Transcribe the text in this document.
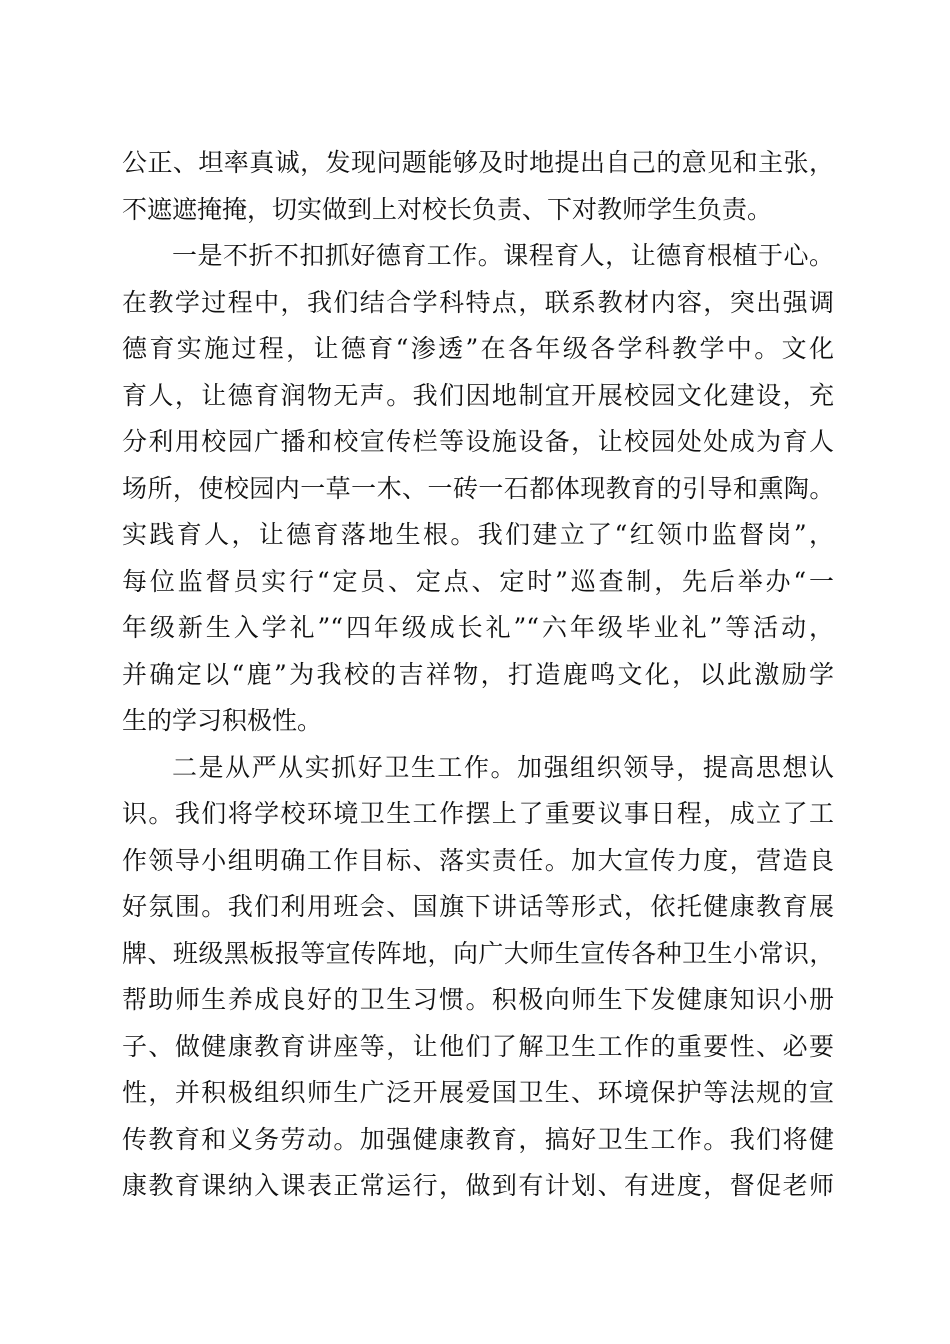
公正、坦率真诚，发现问题能够及时地提出自己的意见和主张，
不遮遮掩掩，切实做到上对校长负责、下对教师学生负责。
一是不折不扣抓好德育工作。课程育人，让德育根植于心。
在教学过程中，我们结合学科特点，联系教材内容，突出强调
德育实施过程，让德育“渗透”在各年级各学科教学中。文化
育人，让德育润物无声。我们因地制宜开展校园文化建设，充
分利用校园广播和校宣传栏等设施设备，让校园处处成为育人
场所，使校园内一草一木、一砖一石都体现教育的引导和熏陶。
实践育人，让德育落地生根。我们建立了“红领巾监督岗”，
每位监督员实行“定员、定点、定时”巡查制，先后举办“一
年级新生入学礼”“四年级成长礼”“六年级毕业礼”等活动，
并确定以“鹿”为我校的吉祥物，打造鹿鸣文化，以此激励学
生的学习积极性。
二是从严从实抓好卫生工作。加强组织领导，提高思想认
识。我们将学校环境卫生工作摆上了重要议事日程，成立了工
作领导小组明确工作目标、落实责任。加大宣传力度，营造良
好氛围。我们利用班会、国旗下讲话等形式，依托健康教育展
牌、班级黑板报等宣传阵地，向广大师生宣传各种卫生小常识，
帮助师生养成良好的卫生习惯。积极向师生下发健康知识小册
子、做健康教育讲座等，让他们了解卫生工作的重要性、必要
性，并积极组织师生广泛开展爱国卫生、环境保护等法规的宣
传教育和义务劳动。加强健康教育，搞好卫生工作。我们将健
康教育课纳入课表正常运行，做到有计划、有进度，督促老师
